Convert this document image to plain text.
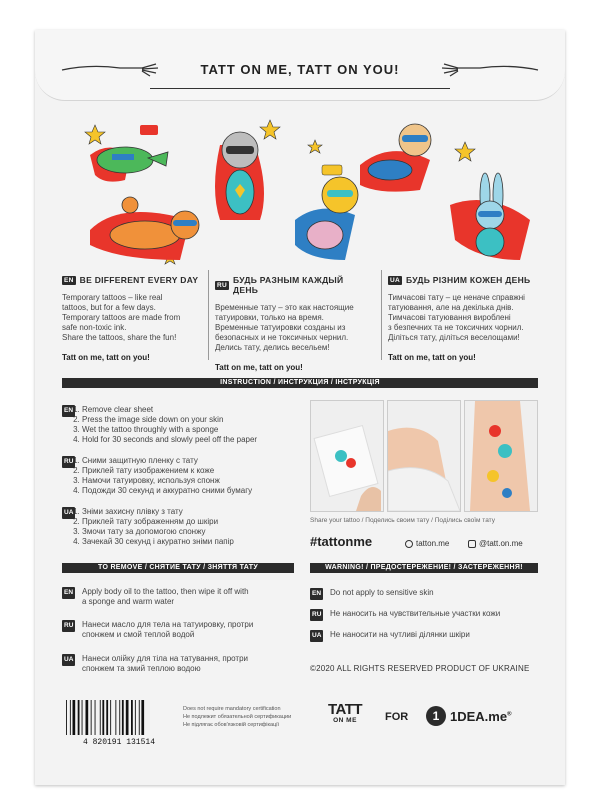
TATT ON ME, TATT ON YOU!
EN BE DIFFERENT EVERY DAY

Temporary tattoos – like real

tattoos, but for a few days.

Temporary tattoos are made from

safe non-toxic ink.

Share the tattoos, share the fun!

Tatt on me, tatt on you!
RU БУДЬ РАЗНЫМ КАЖДЫЙ ДЕНЬ

Временные тату – это как настоящие

татуировки, только на время.

Временные татуировки созданы из

безопасных и не токсичных чернил.

Делись тату, делись весельем!

Tatt on me, tatt on you!
UA БУДЬ РІЗНИМ КОЖЕН ДЕНЬ

Тимчасові тату – це неначе справжні

татуювання, але на декілька днів.

Тимчасові татуювання вироблені

з безпечних та не токсичних чорнил.

Діліться тату, діліться веселощами!

Tatt on me, tatt on you!
INSTRUCTION / ИНСТРУКЦИЯ / ІНСТРУКЦІЯ
EN 1. Remove clear sheet
2. Press the image side down on your skin
3. Wet the tattoo throughly with a sponge
4. Hold for 30 seconds and slowly peel off the paper
RU 1. Сними защитную пленку с тату
2. Приклей тату изображением к коже
3. Намочи татуировку, используя спонж
4. Подожди 30 секунд и аккуратно сними бумагу
UA 1. Зніми захисну плівку з тату
2. Приклей тату зображенням до шкіри
3. Змочи тату за допомогою спонжу
4. Зачекай 30 секунд і акуратно зніми папір
Share your tattoo / Поделись своим тату / Поділись своїм тату
#tattonme	tatton.me	@tatt.on.me
TO REMOVE / СНЯТИЕ ТАТУ / ЗНЯТТЯ ТАТУ	WARNING! / ПРЕДОСТЕРЕЖЕНИЕ! / ЗАСТЕРЕЖЕННЯ!
EN Apply body oil to the tattoo, then wipe it off with
a sponge and warm water
RU Нанеси масло для тела на татуировку, протри
спонжем и смой теплой водой
UA Нанеси олійку для тіла на татування, протри
спонжем та змий теплою водою
EN Do not apply to sensitive skin
RU Не наносить на чувствительные участки кожи
UA Не наносити на чутливі ділянки шкіри
©2020 ALL RIGHTS RESERVED PRODUCT OF UKRAINE
4 820191 131514
Does not require mandatory certification
Не подлежит обязательной сертификации
Не підлягає обов'язковій сертифікації
TATT
ON ME	FOR	1 1DEA.me®
